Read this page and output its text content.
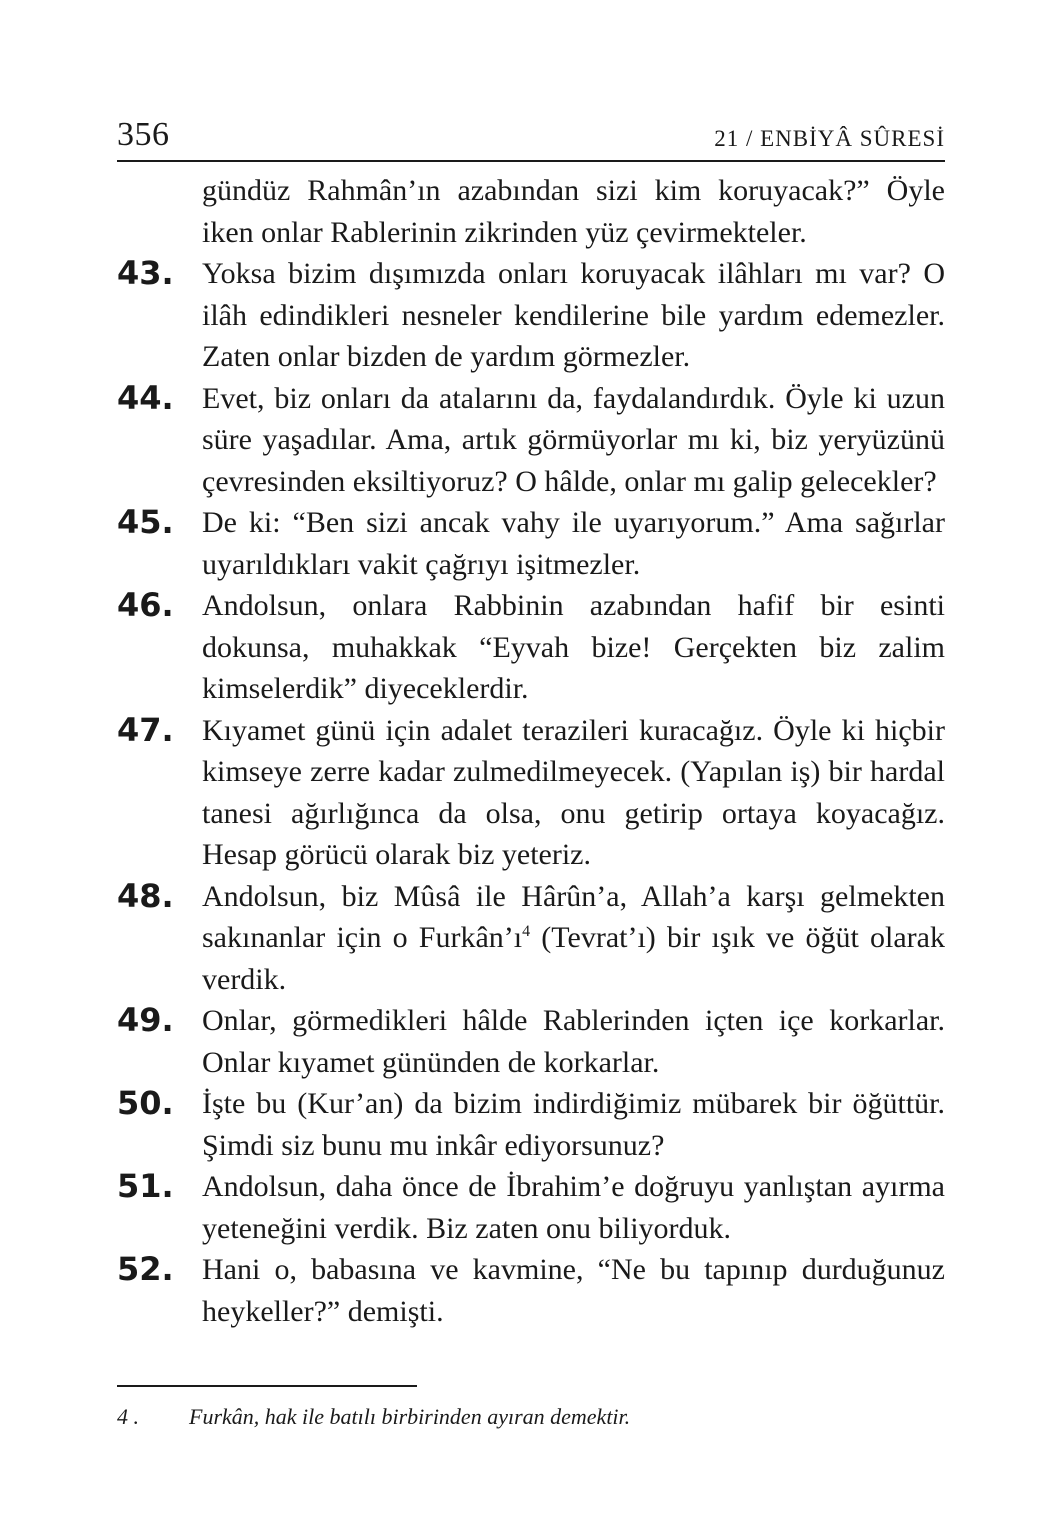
356	21 / ENBİYÂ SÛRESİ

gündüz Rahmân’ın azabından sizi kim koruyacak?” Öyle iken onlar Rablerinin zikrinden yüz çevirmekteler.

43. Yoksa bizim dışımızda onları koruyacak ilâhları mı var? O ilâh edindikleri nesneler kendilerine bile yardım edemezler. Zaten onlar bizden de yardım görmezler.

44. Evet, biz onları da atalarını da, faydalandırdık. Öyle ki uzun süre yaşadılar. Ama, artık görmüyorlar mı ki, biz yeryüzünü çevresinden eksiltiyoruz? O hâlde, onlar mı galip gelecekler?

45. De ki: “Ben sizi ancak vahy ile uyarıyorum.” Ama sağırlar uyarıldıkları vakit çağrıyı işitmezler.

46. Andolsun, onlara Rabbinin azabından hafif bir esinti dokunsa, muhakkak “Eyvah bize! Gerçekten biz zalim kimselerdik” diyeceklerdir.

47. Kıyamet günü için adalet terazileri kuracağız. Öyle ki hiçbir kimseye zerre kadar zulmedilmeyecek. (Yapılan iş) bir hardal tanesi ağırlığınca da olsa, onu getirip ortaya koyacağız. Hesap görücü olarak biz yeteriz.

48. Andolsun, biz Mûsâ ile Hârûn’a, Allah’a karşı gelmekten sakınanlar için o $Furkân’ı^4$ (Tevrat’ı) bir ışık ve öğüt olarak verdik.

49. Onlar, görmedikleri hâlde Rablerinden içten içe korkarlar. Onlar kıyamet gününden de korkarlar.

50. İşte bu (Kur’an) da bizim indirdiğimiz mübarek bir öğüttür. Şimdi siz bunu mu inkâr ediyorsunuz?

51. Andolsun, daha önce de İbrahim’e doğruyu yanlıştan ayırma yeteneğini verdik. Biz zaten onu biliyorduk.

52. Hani o, babasına ve kavmine, “Ne bu tapınıp durduğunuz heykeller?” demişti.

4 . Furkân, hak ile batılı birbirinden ayıran demektir.
